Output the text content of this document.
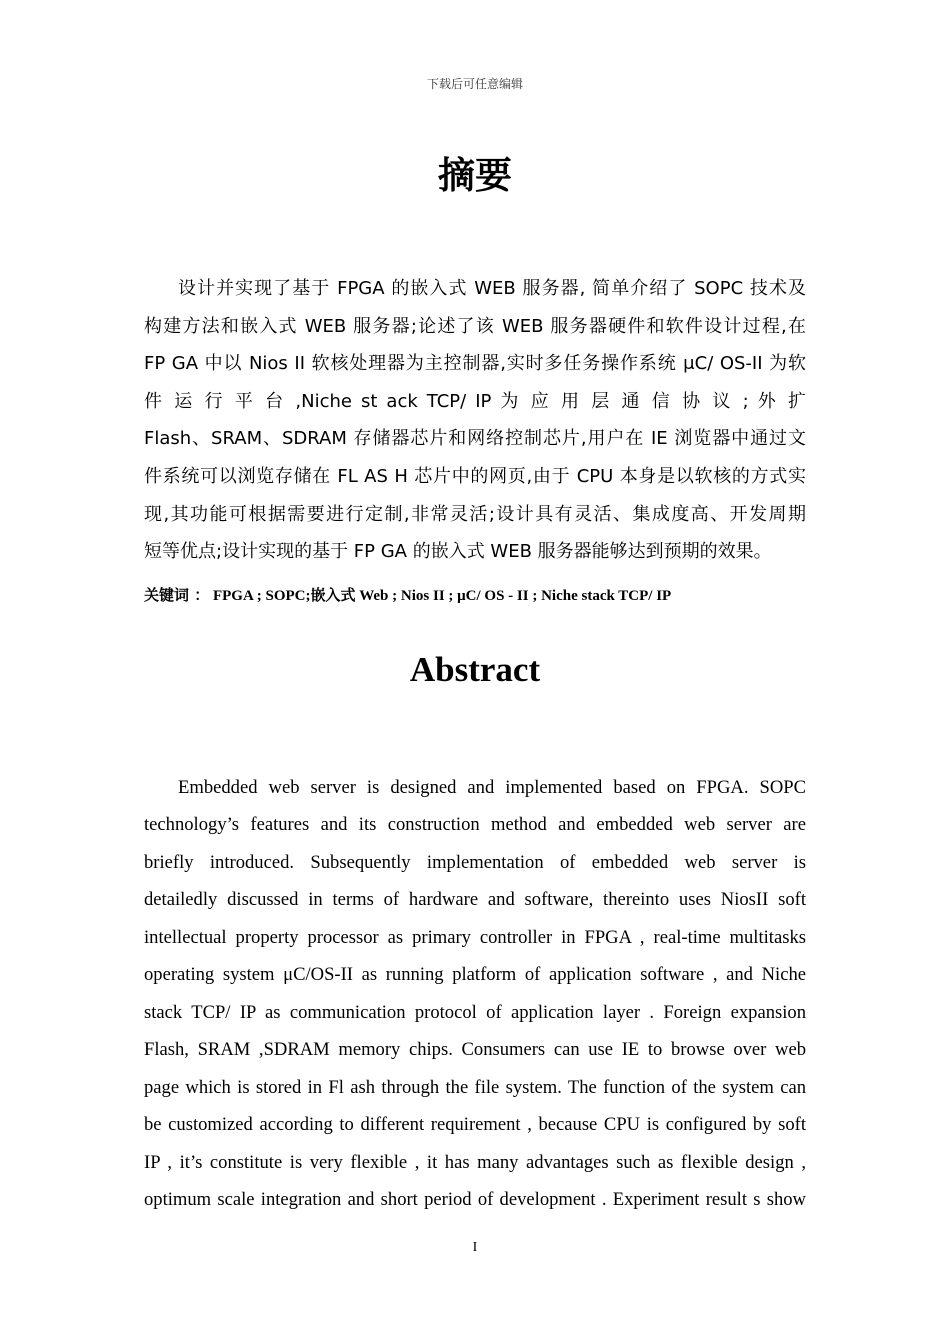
下载后可任意编辑
摘要
设计并实现了基于 FPGA 的嵌入式 WEB 服务器, 简单介绍了 SOPC 技术及
构建方法和嵌入式 WEB 服务器;论述了该 WEB 服务器硬件和软件设计过程,在
FP GA 中以 Nios II 软核处理器为主控制器,实时多任务操作系统 μC/ OS-II 为软
件 运 行 平 台 ,Niche st ack TCP/ IP 为 应 用 层 通 信 协 议 ; 外 扩
Flash、SRAM、SDRAM 存储器芯片和网络控制芯片,用户在 IE 浏览器中通过文
件系统可以浏览存储在 FL AS H 芯片中的网页,由于 CPU 本身是以软核的方式实
现,其功能可根据需要进行定制,非常灵活;设计具有灵活、集成度高、开发周期
短等优点;设计实现的基于 FP GA 的嵌入式 WEB 服务器能够达到预期的效果。
关键词 ： FPGA ; SOPC;嵌入式 Web ; Nios II ; μC/ OS - II ; Niche stack TCP/ IP
Abstract
Embedded web server is designed and implemented based on FPGA. SOPC
technology’s features and its construction method and embedded web server are
briefly introduced. Subsequently implementation of embedded web server is
detailedly discussed in terms of hardware and software, thereinto uses NiosII soft
intellectual property processor as primary controller in FPGA , real-time multitasks
operating system μC/OS-II as running platform of application software , and Niche
stack TCP/ IP as communication protocol of application layer . Foreign expansion
Flash, SRAM ,SDRAM memory chips. Consumers can use IE to browse over web
page which is stored in Fl ash through the file system. The function of the system can
be customized according to different requirement , because CPU is configured by soft
IP , it’s constitute is very flexible , it has many advantages such as flexible design ,
optimum scale integration and short period of development . Experiment result s show
I
